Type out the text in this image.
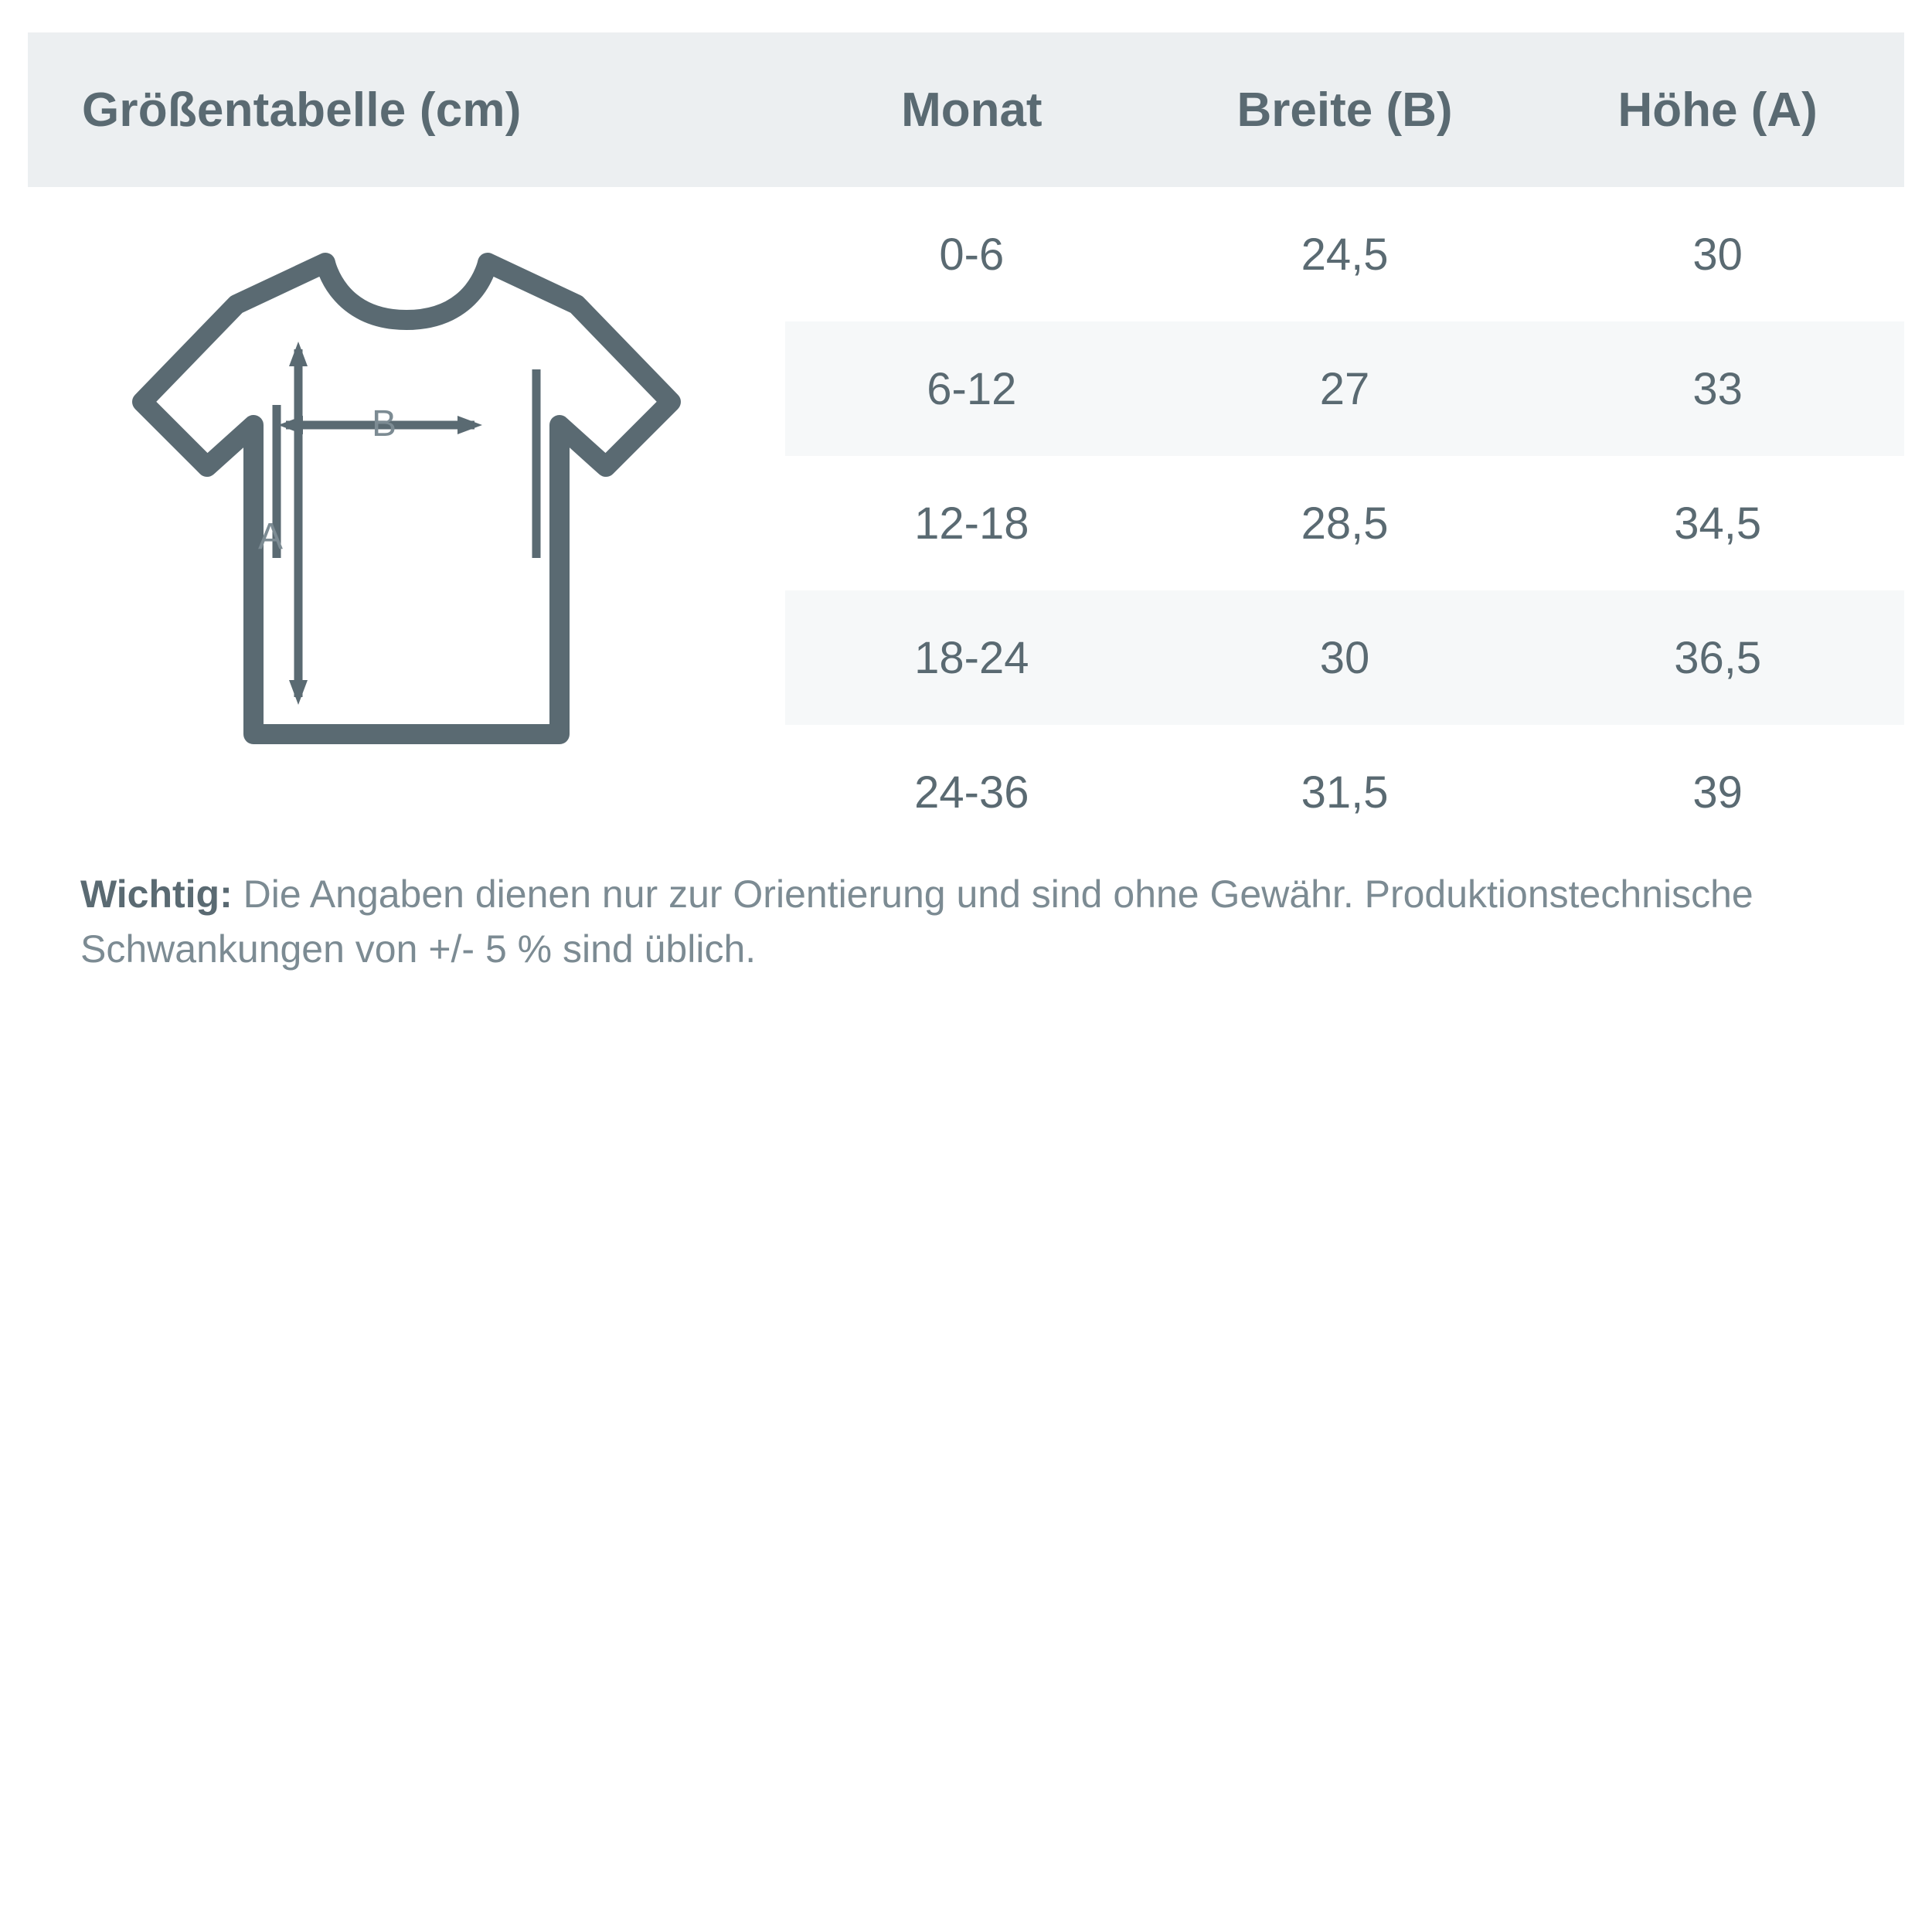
Größentabelle (cm)	Monat	Breite (B)	Höhe (A)
B
A
0-6	24,5	30
6-12	27	33
12-18	28,5	34,5
18-24	30	36,5
24-36	31,5	39
Wichtig: Die Angaben dienen nur zur Orientierung und sind ohne Gewähr. Produktionstechnische Schwankungen von +/- 5 % sind üblich.
